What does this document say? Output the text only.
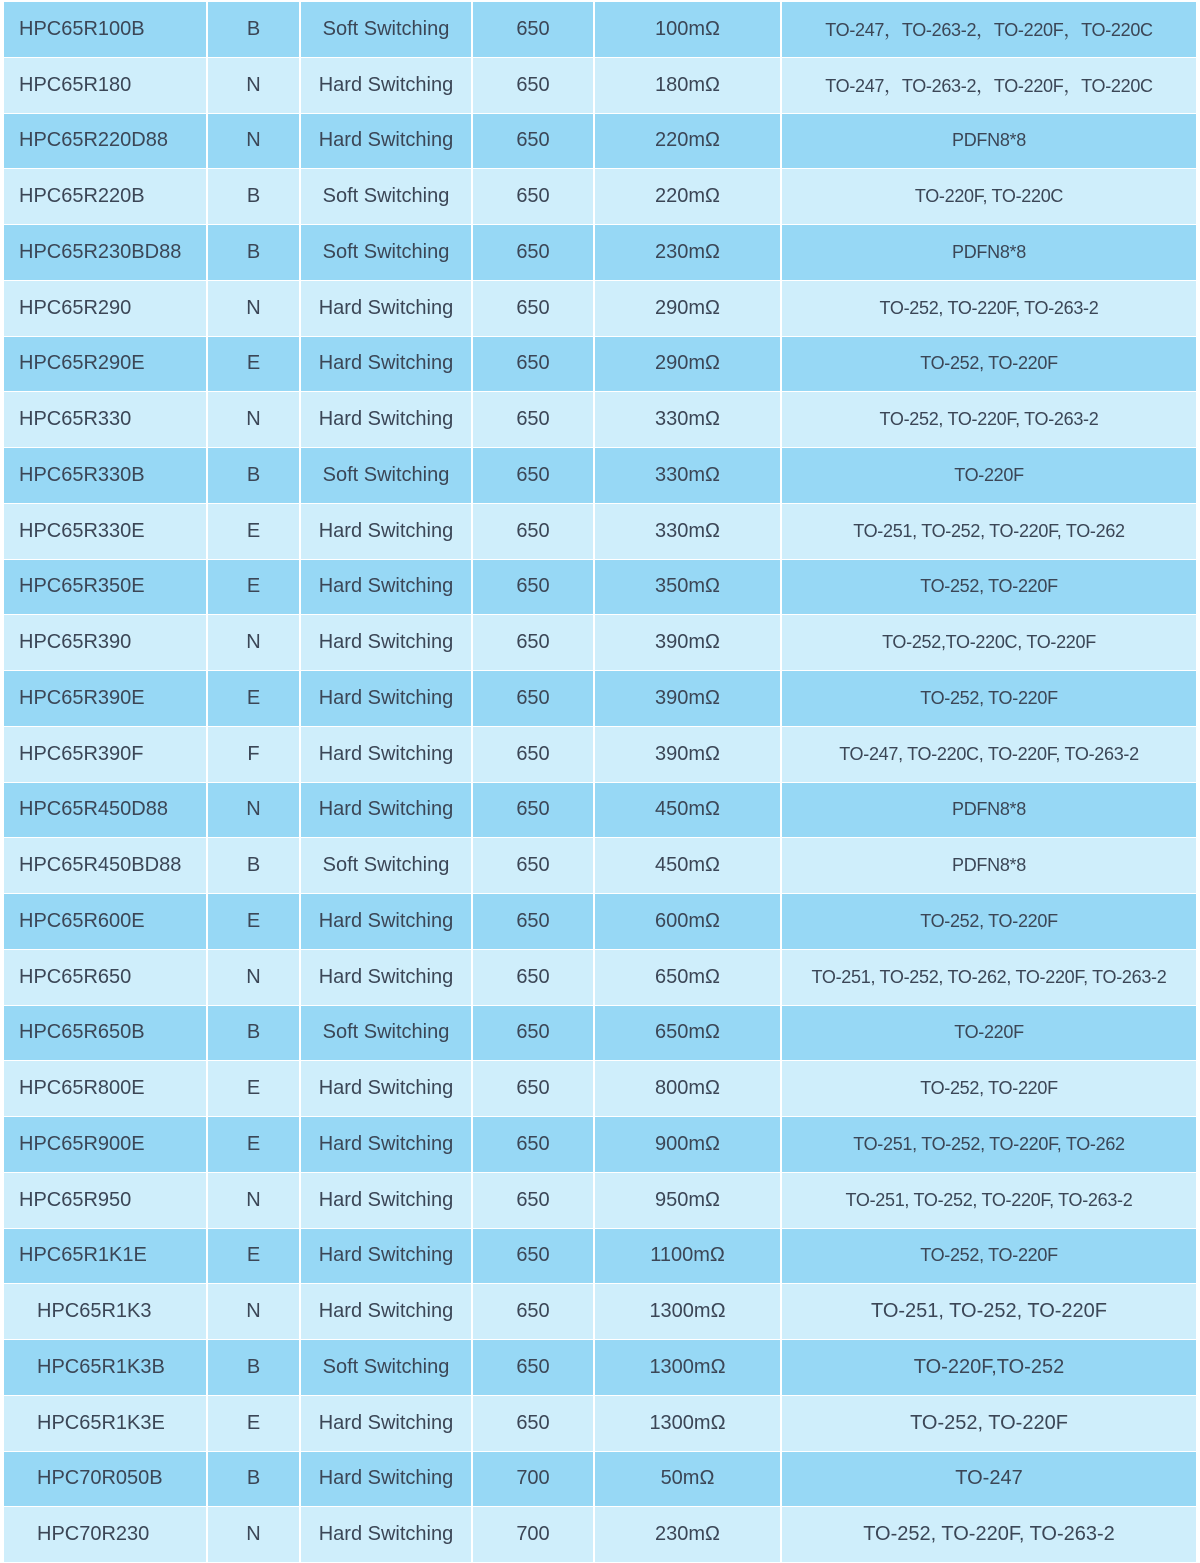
HPC65R100B	B	Soft Switching	650	100mΩ	TO-247，TO-263-2，TO-220F，TO-220C
HPC65R180	N	Hard Switching	650	180mΩ	TO-247，TO-263-2，TO-220F，TO-220C
HPC65R220D88	N	Hard Switching	650	220mΩ	PDFN8*8
HPC65R220B	B	Soft Switching	650	220mΩ	TO-220F, TO-220C
HPC65R230BD88	B	Soft Switching	650	230mΩ	PDFN8*8
HPC65R290	N	Hard Switching	650	290mΩ	TO-252, TO-220F, TO-263-2
HPC65R290E	E	Hard Switching	650	290mΩ	TO-252, TO-220F
HPC65R330	N	Hard Switching	650	330mΩ	TO-252, TO-220F, TO-263-2
HPC65R330B	B	Soft Switching	650	330mΩ	TO-220F
HPC65R330E	E	Hard Switching	650	330mΩ	TO-251, TO-252, TO-220F, TO-262
HPC65R350E	E	Hard Switching	650	350mΩ	TO-252, TO-220F
HPC65R390	N	Hard Switching	650	390mΩ	TO-252,TO-220C, TO-220F
HPC65R390E	E	Hard Switching	650	390mΩ	TO-252, TO-220F
HPC65R390F	F	Hard Switching	650	390mΩ	TO-247, TO-220C, TO-220F, TO-263-2
HPC65R450D88	N	Hard Switching	650	450mΩ	PDFN8*8
HPC65R450BD88	B	Soft Switching	650	450mΩ	PDFN8*8
HPC65R600E	E	Hard Switching	650	600mΩ	TO-252, TO-220F
HPC65R650	N	Hard Switching	650	650mΩ	TO-251, TO-252, TO-262, TO-220F, TO-263-2
HPC65R650B	B	Soft Switching	650	650mΩ	TO-220F
HPC65R800E	E	Hard Switching	650	800mΩ	TO-252, TO-220F
HPC65R900E	E	Hard Switching	650	900mΩ	TO-251, TO-252, TO-220F, TO-262
HPC65R950	N	Hard Switching	650	950mΩ	TO-251, TO-252, TO-220F, TO-263-2
HPC65R1K1E	E	Hard Switching	650	1100mΩ	TO-252, TO-220F
HPC65R1K3	N	Hard Switching	650	1300mΩ	TO-251, TO-252, TO-220F
HPC65R1K3B	B	Soft Switching	650	1300mΩ	TO-220F,TO-252
HPC65R1K3E	E	Hard Switching	650	1300mΩ	TO-252, TO-220F
HPC70R050B	B	Hard Switching	700	50mΩ	TO-247
HPC70R230	N	Hard Switching	700	230mΩ	TO-252, TO-220F, TO-263-2
